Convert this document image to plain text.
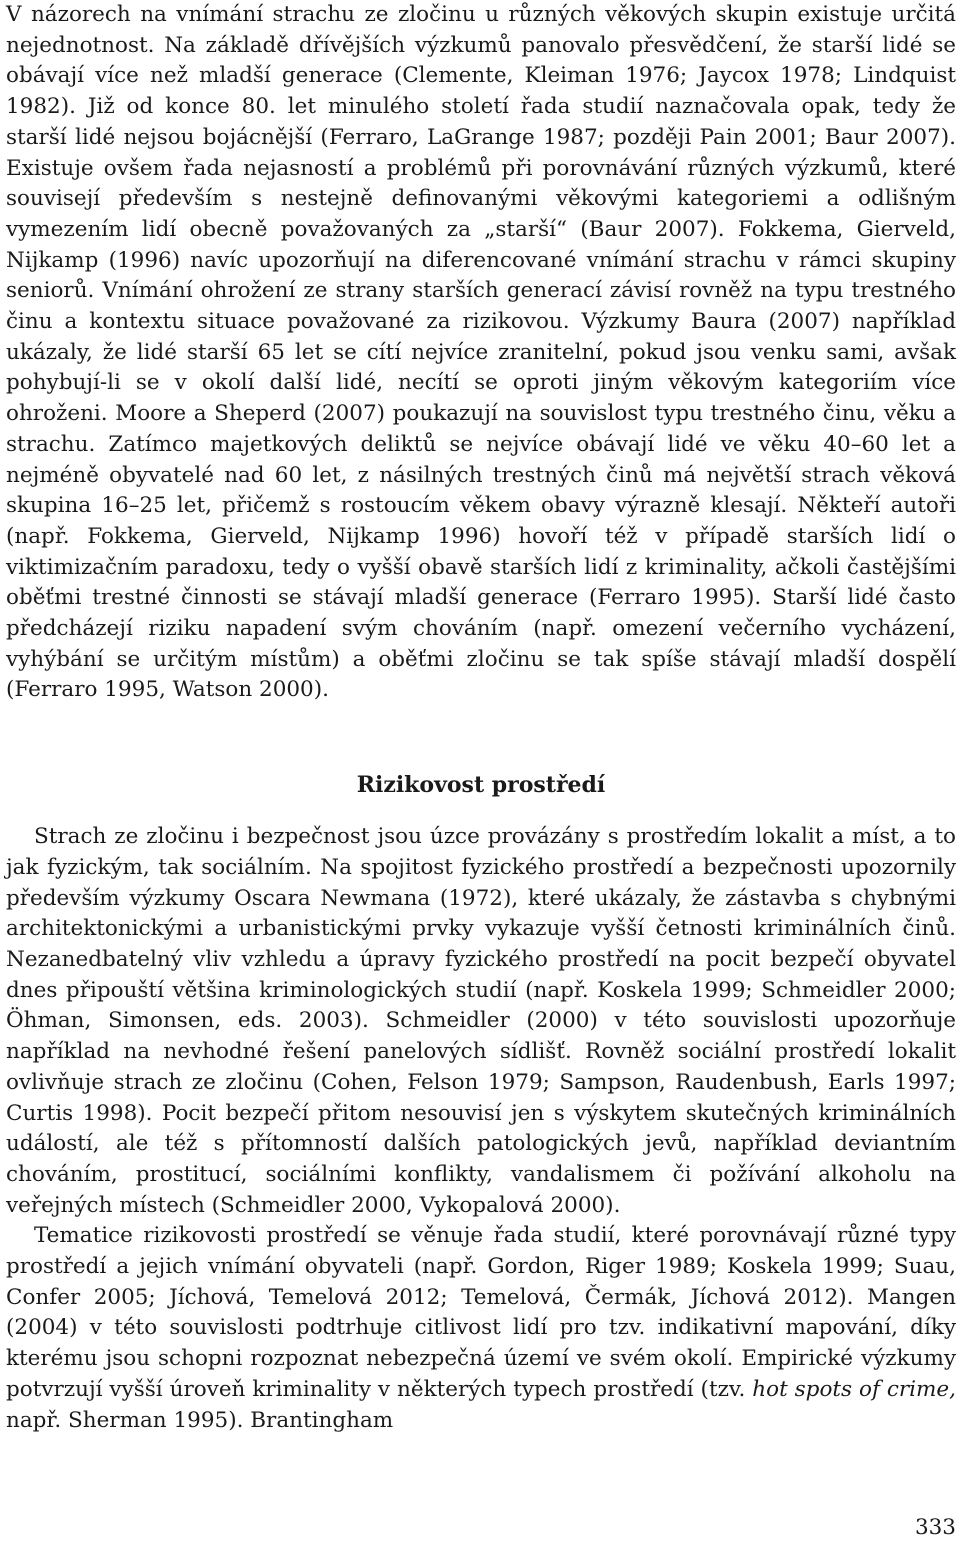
V názorech na vnímání strachu ze zločinu u různých věkových skupin existuje určitá nejednotnost. Na základě dřívějších výzkumů panovalo přesvědčení, že starší lidé se obávají více než mladší generace (Clemente, Kleiman 1976; Jaycox 1978; Lindquist 1982). Již od konce 80. let minulého století řada studií naznačovala opak, tedy že starší lidé nejsou bojácnější (Ferraro, LaGrange 1987; později Pain 2001; Baur 2007). Existuje ovšem řada nejasností a problémů při porovnávání různých výzkumů, které souvisejí především s nestejně definovanými věkovými kategoriemi a odlišným vymezením lidí obecně považovaných za „starší“ (Baur 2007). Fokkema, Gierveld, Nijkamp (1996) navíc upozorňují na diferencované vnímání strachu v rámci skupiny seniorů. Vnímání ohrožení ze strany starších generací závisí rovněž na typu trestného činu a kontextu situace považované za rizikovou. Výzkumy Baura (2007) například ukázaly, že lidé starší 65 let se cítí nejvíce zranitelní, pokud jsou venku sami, avšak pohybují-li se v okolí další lidé, necítí se oproti jiným věkovým kategoriím více ohroženi. Moore a Sheperd (2007) poukazují na souvislost typu trestného činu, věku a strachu. Zatímco majetkových deliktů se nejvíce obávají lidé ve věku 40–60 let a nejméně obyvatelé nad 60 let, z násilných trestných činů má největší strach věková skupina 16–25 let, přičemž s rostoucím věkem obavy výrazně klesají. Někteří autoři (např. Fokkema, Gierveld, Nijkamp 1996) hovoří též v případě starších lidí o viktimizačním paradoxu, tedy o vyšší obavě starších lidí z kriminality, ačkoli častějšími oběťmi trestné činnosti se stávají mladší generace (Ferraro 1995). Starší lidé často předcházejí riziku napadení svým chováním (např. omezení večerního vycházení, vyhýbání se určitým místům) a oběťmi zločinu se tak spíše stávají mladší dospělí (Ferraro 1995, Watson 2000).

Rizikovost prostředí

Strach ze zločinu i bezpečnost jsou úzce provázány s prostředím lokalit a míst, a to jak fyzickým, tak sociálním. Na spojitost fyzického prostředí a bezpečnosti upozornily především výzkumy Oscara Newmana (1972), které ukázaly, že zástavba s chybnými architektonickými a urbanistickými prvky vykazuje vyšší četnosti kriminálních činů. Nezanedbatelný vliv vzhledu a úpravy fyzického prostředí na pocit bezpečí obyvatel dnes připouští většina kriminologických studií (např. Koskela 1999; Schmeidler 2000; Öhman, Simonsen, eds. 2003). Schmeidler (2000) v této souvislosti upozorňuje například na nevhodné řešení panelových sídlišť. Rovněž sociální prostředí lokalit ovlivňuje strach ze zločinu (Cohen, Felson 1979; Sampson, Raudenbush, Earls 1997; Curtis 1998). Pocit bezpečí přitom nesouvisí jen s výskytem skutečných kriminálních událostí, ale též s přítomností dalších patologických jevů, například deviantním chováním, prostitucí, sociálními konflikty, vandalismem či požívání alkoholu na veřejných místech (Schmeidler 2000, Vykopalová 2000).

Tematice rizikovosti prostředí se věnuje řada studií, které porovnávají různé typy prostředí a jejich vnímání obyvateli (např. Gordon, Riger 1989; Koskela 1999; Suau, Confer 2005; Jíchová, Temelová 2012; Temelová, Čermák, Jíchová 2012). Mangen (2004) v této souvislosti podtrhuje citlivost lidí pro tzv. indikativní mapování, díky kterému jsou schopni rozpoznat nebezpečná území ve svém okolí. Empirické výzkumy potvrzují vyšší úroveň kriminality v některých typech prostředí (tzv. hot spots of crime, např. Sherman 1995). Brantingham

333
